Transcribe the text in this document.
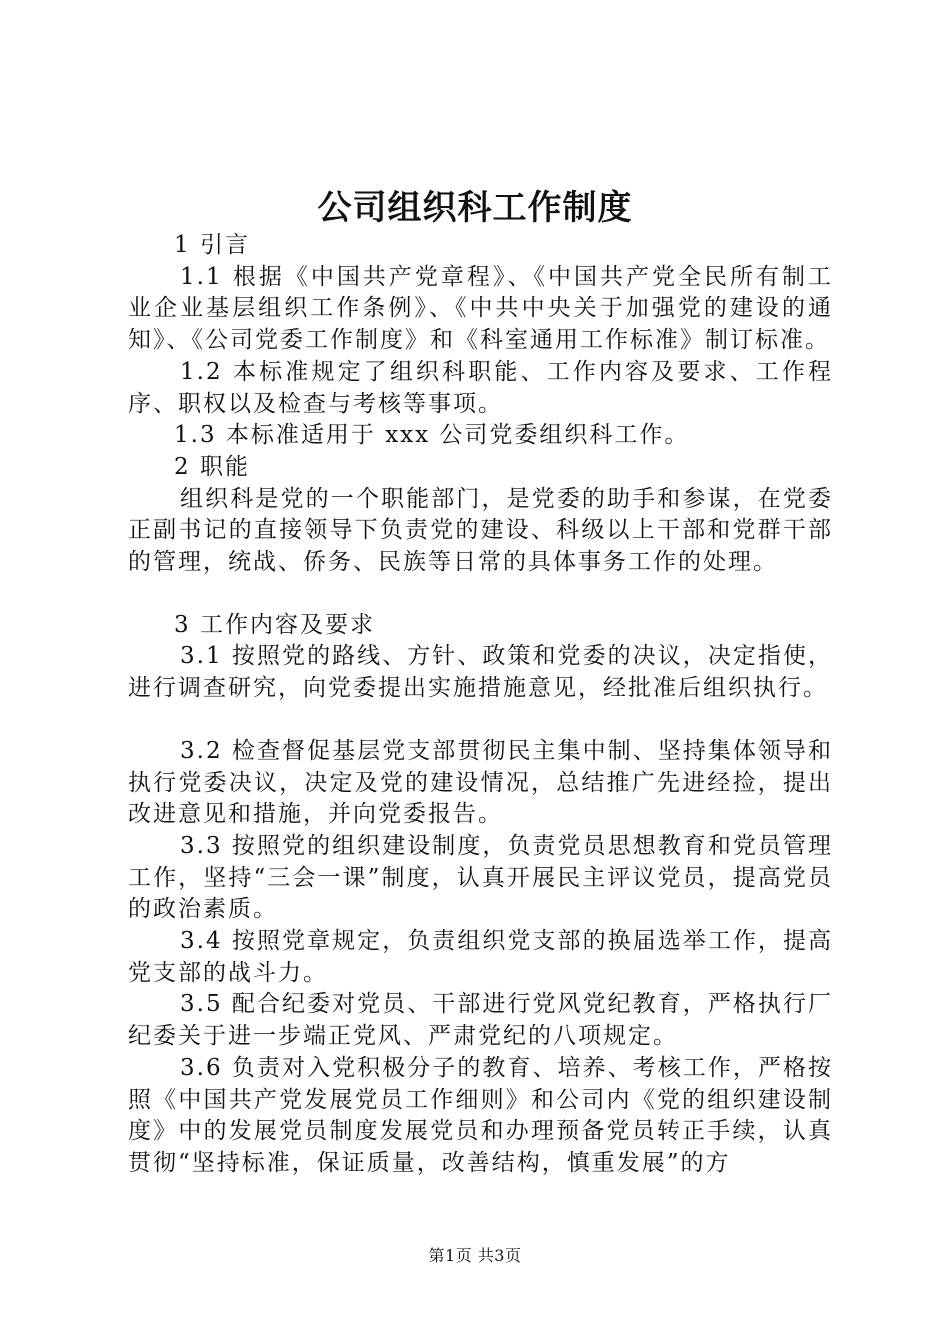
公司组织科工作制度

1 引言

1.1 根据《中国共产党章程》、《中国共产党全民所有制工业企业基层组织工作条例》、《中共中央关于加强党的建设的通知》、《公司党委工作制度》和《科室通用工作标准》制订标准。

1.2 本标准规定了组织科职能、工作内容及要求、工作程序、职权以及检查与考核等事项。

1.3 本标准适用于 xxx 公司党委组织科工作。

2 职能

组织科是党的一个职能部门，是党委的助手和参谋，在党委正副书记的直接领导下负责党的建设、科级以上干部和党群干部的管理，统战、侨务、民族等日常的具体事务工作的处理。

3 工作内容及要求

3.1 按照党的路线、方针、政策和党委的决议，决定指使，进行调查研究，向党委提出实施措施意见，经批准后组织执行。

3.2 检查督促基层党支部贯彻民主集中制、坚持集体领导和执行党委决议，决定及党的建设情况，总结推广先进经捡，提出改进意见和措施，并向党委报告。

3.3 按照党的组织建设制度，负责党员思想教育和党员管理工作，坚持“三会一课”制度，认真开展民主评议党员，提高党员的政治素质。

3.4 按照党章规定，负责组织党支部的换届选举工作，提高党支部的战斗力。

3.5 配合纪委对党员、干部进行党风党纪教育，严格执行厂纪委关于进一步端正党风、严肃党纪的八项规定。

3.6 负责对入党积极分子的教育、培养、考核工作，严格按照《中国共产党发展党员工作细则》和公司内《党的组织建设制度》中的发展党员制度发展党员和办理预备党员转正手续，认真贯彻“坚持标准，保证质量，改善结构，慎重发展”的方

第1页 共3页
